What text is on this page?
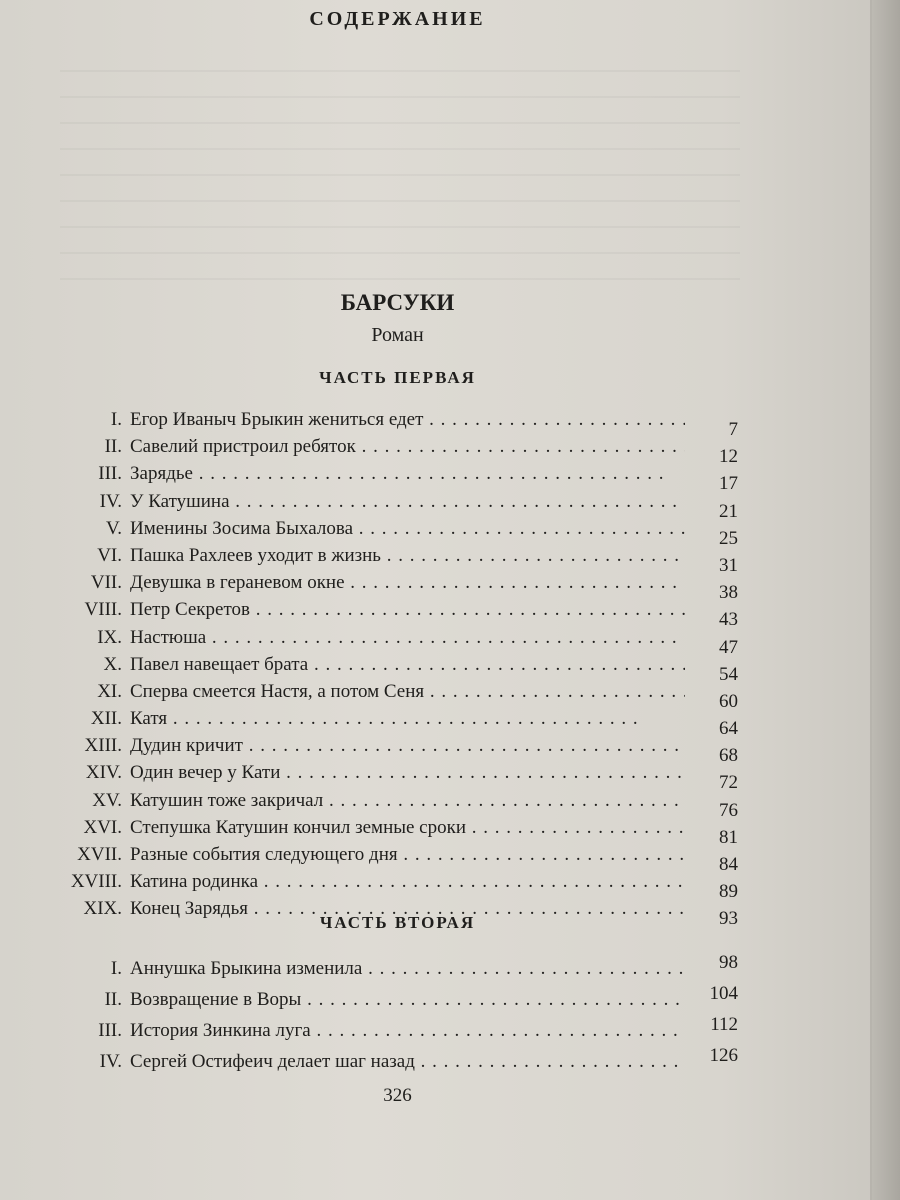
СОДЕРЖАНИЕ
БАРСУКИ
Роман
ЧАСТЬ ПЕРВАЯ
I. Егор Иваныч Брыкин жениться едет . .	7
II. Савелий пристроил ребяток . .	12
III. Зарядье . .	17
IV. У Катушина . .	21
V. Именины Зосима Быхалова . .	25
VI. Пашка Рахлеев уходит в жизнь . .	31
VII. Девушка в гераневом окне . .	38
VIII. Петр Секретов . .	43
IX. Настюша . .	47
X. Павел навещает брата . .	54
XI. Сперва смеется Настя, а потом Сеня . .	60
XII. Катя . .	64
XIII. Дудин кричит . .	68
XIV. Один вечер у Кати . .	72
XV. Катушин тоже закричал . .	76
XVI. Степушка Катушин кончил земные сроки . .	81
XVII. Разные события следующего дня . .	84
XVIII. Катина родинка . .	89
XIX. Конец Зарядья . .	93
ЧАСТЬ ВТОРАЯ
I. Аннушка Брыкина изменила . .	98
II. Возвращение в Воры . .	104
III. История Зинкина луга . .	112
IV. Сергей Остифеич делает шаг назад . .	126
326
